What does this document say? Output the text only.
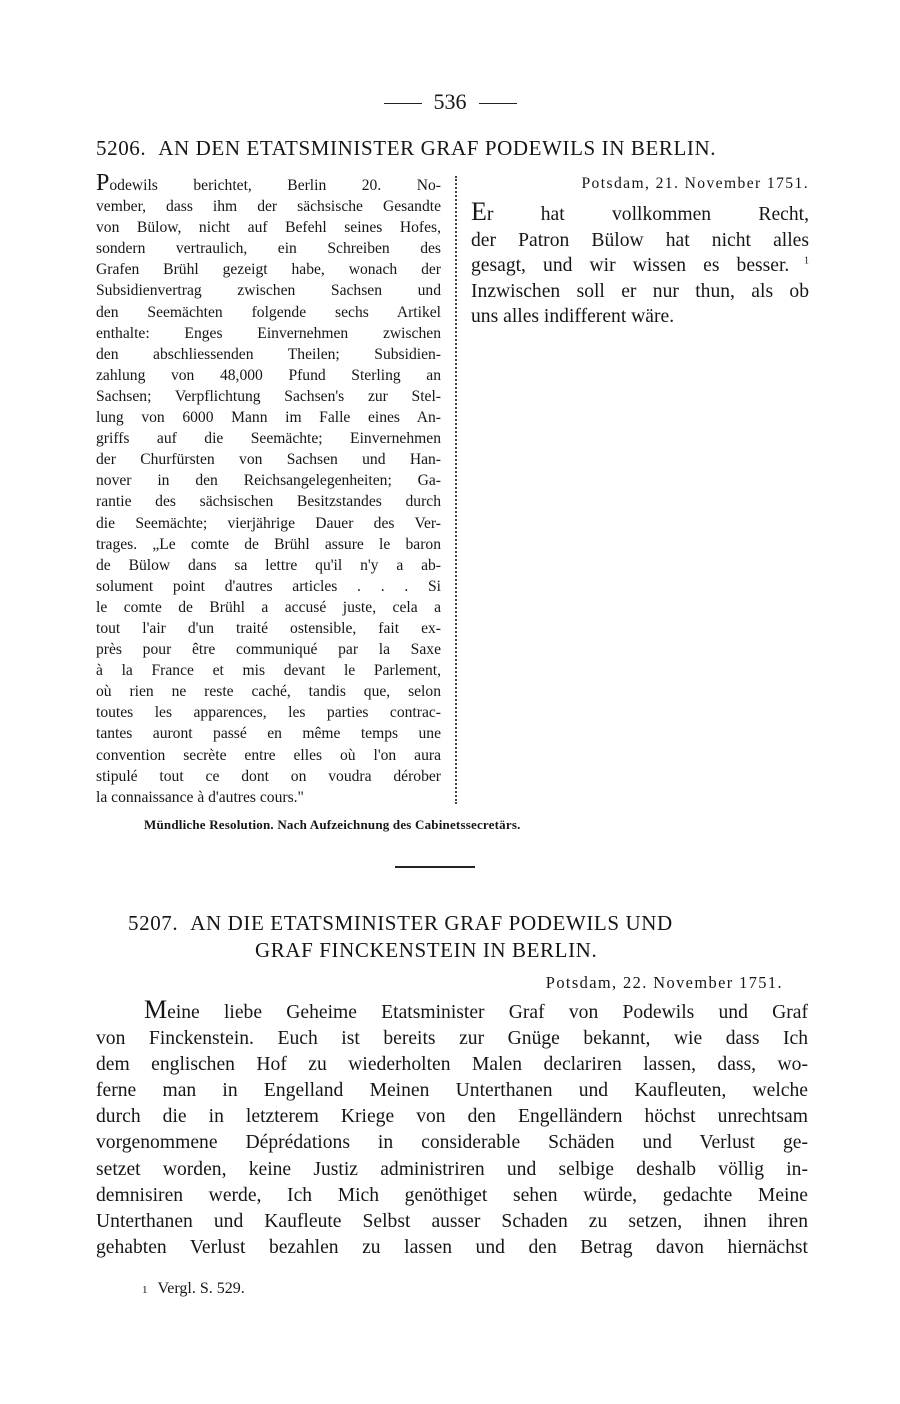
536
5206. AN DEN ETATSMINISTER GRAF PODEWILS IN BERLIN.
Podewils berichtet, Berlin 20. No-
vember, dass ihm der sächsische Gesandte
von Bülow, nicht auf Befehl seines Hofes,
sondern vertraulich, ein Schreiben des
Grafen Brühl gezeigt habe, wonach der
Subsidienvertrag zwischen Sachsen und
den Seemächten folgende sechs Artikel
enthalte: Enges Einvernehmen zwischen
den abschliessenden Theilen; Subsidien-
zahlung von 48,000 Pfund Sterling an
Sachsen; Verpflichtung Sachsen's zur Stel-
lung von 6000 Mann im Falle eines An-
griffs auf die Seemächte; Einvernehmen
der Churfürsten von Sachsen und Han-
nover in den Reichsangelegenheiten; Ga-
rantie des sächsischen Besitzstandes durch
die Seemächte; vierjährige Dauer des Ver-
trages. „Le comte de Brühl assure le baron
de Bülow dans sa lettre qu'il n'y a ab-
solument point d'autres articles . . . Si
le comte de Brühl a accusé juste, cela a
tout l'air d'un traité ostensible, fait ex-
près pour être communiqué par la Saxe
à la France et mis devant le Parlement,
où rien ne reste caché, tandis que, selon
toutes les apparences, les parties contrac-
tantes auront passé en même temps une
convention secrète entre elles où l'on aura
stipulé tout ce dont on voudra dérober
la connaissance à d'autres cours."
Potsdam, 21. November 1751.
Er hat vollkommen Recht,
der Patron Bülow hat nicht alles
gesagt, und wir wissen es besser. $^1$
Inzwischen soll er nur thun, als ob
uns alles indifferent wäre.
Mündliche Resolution. Nach Aufzeichnung des Cabinetssecretärs.
5207. AN DIE ETATSMINISTER GRAF PODEWILS UND
GRAF FINCKENSTEIN IN BERLIN.
Potsdam, 22. November 1751.
Meine liebe Geheime Etatsminister Graf von Podewils und Graf
von Finckenstein. Euch ist bereits zur Gnüge bekannt, wie dass Ich
dem englischen Hof zu wiederholten Malen declariren lassen, dass, wo-
ferne man in Engelland Meinen Unterthanen und Kaufleuten, welche
durch die in letzterem Kriege von den Engelländern höchst unrechtsam
vorgenommene Déprédations in considerable Schäden und Verlust ge-
setzet worden, keine Justiz administriren und selbige deshalb völlig in-
demnisiren werde, Ich Mich genöthiget sehen würde, gedachte Meine
Unterthanen und Kaufleute Selbst ausser Schaden zu setzen, ihnen ihren
gehabten Verlust bezahlen zu lassen und den Betrag davon hiernächst
1 Vergl. S. 529.
